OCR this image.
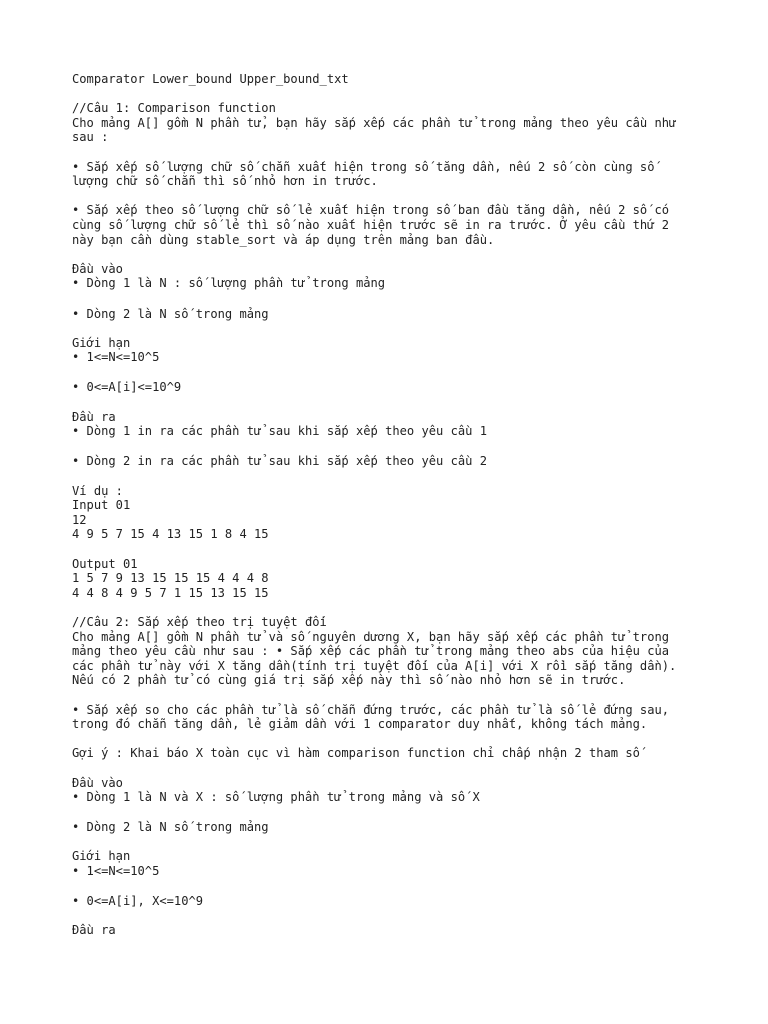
Comparator Lower_bound Upper_bound_txt
//Câu 1: Comparison function
Cho mảng A[] gồm N phần tử, bạn hãy sắp xếp các phần tử trong mảng theo yêu cầu như
sau :
• Sắp xếp số lượng chữ số chẵn xuất hiện trong số tăng dần, nếu 2 số còn cùng số
lượng chữ số chẵn thì số nhỏ hơn in trước.
• Sắp xếp theo số lượng chữ số lẻ xuất hiện trong số ban đầu tăng dần, nếu 2 số có
cùng số lượng chữ số lẻ thì số nào xuất hiện trước sẽ in ra trước. Ở yêu cầu thứ 2
này bạn cần dùng stable_sort và áp dụng trên mảng ban đầu.
Đầu vào
• Dòng 1 là N : số lượng phần tử trong mảng
• Dòng 2 là N số trong mảng
Giới hạn
• 1<=N<=10^5
• 0<=A[i]<=10^9
Đầu ra
• Dòng 1 in ra các phần tử sau khi sắp xếp theo yêu cầu 1
• Dòng 2 in ra các phần tử sau khi sắp xếp theo yêu cầu 2
Ví dụ :
Input 01
12
4 9 5 7 15 4 13 15 1 8 4 15
Output 01
1 5 7 9 13 15 15 15 4 4 4 8
4 4 8 4 9 5 7 1 15 13 15 15
//Câu 2: Sắp xếp theo trị tuyệt đối
Cho mảng A[] gồm N phần tử và số nguyên dương X, bạn hãy sắp xếp các phần tử trong
mảng theo yêu cầu như sau : • Sắp xếp các phần tử trong mảng theo abs của hiệu của
các phần tử này với X tăng dần(tính trị tuyệt đối của A[i] với X rồi sắp tăng dần).
Nếu có 2 phần tử có cùng giá trị sắp xếp này thì số nào nhỏ hơn sẽ in trước.
• Sắp xếp so cho các phần tử là số chẵn đứng trước, các phần tử là số lẻ đứng sau,
trong đó chẵn tăng dần, lẻ giảm dần với 1 comparator duy nhất, không tách mảng.
Gợi ý : Khai báo X toàn cục vì hàm comparison function chỉ chấp nhận 2 tham số
Đầu vào
• Dòng 1 là N và X : số lượng phần tử trong mảng và số X
• Dòng 2 là N số trong mảng
Giới hạn
• 1<=N<=10^5
• 0<=A[i], X<=10^9
Đầu ra
